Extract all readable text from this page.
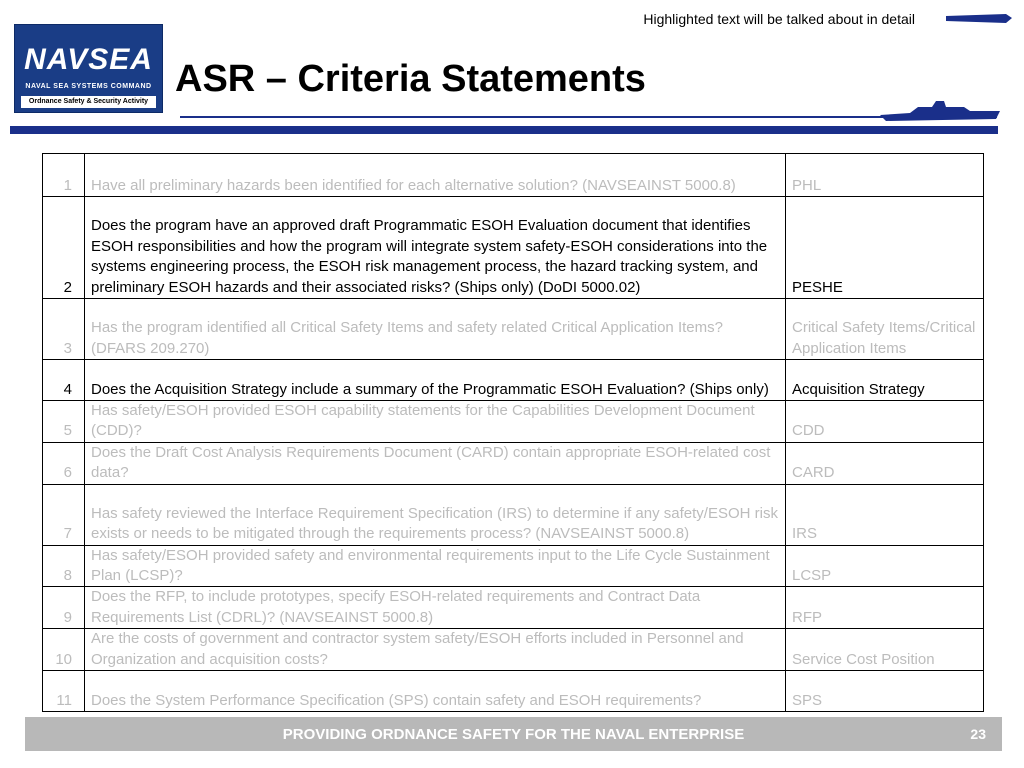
Highlighted text will be talked about in detail
NAVSEA
NAVAL SEA SYSTEMS COMMAND
Ordnance Safety & Security Activity
ASR – Criteria Statements
1	Have all preliminary hazards been identified for each alternative solution? (NAVSEAINST 5000.8)	PHL
2	Does the program have an approved draft Programmatic ESOH Evaluation document that identifies ESOH responsibilities and how the program will integrate system safety-ESOH considerations into the systems engineering process, the ESOH risk management process, the hazard tracking system, and preliminary ESOH hazards and their associated risks? (Ships only) (DoDI 5000.02)	PESHE
3	Has the program identified all Critical Safety Items and safety related Critical Application Items? (DFARS 209.270)	Critical Safety Items/Critical Application Items
4	Does the Acquisition Strategy include a summary of the Programmatic ESOH Evaluation? (Ships only)	Acquisition Strategy
5	Has safety/ESOH provided ESOH capability statements for the Capabilities Development Document (CDD)?	CDD
6	Does the Draft Cost Analysis Requirements Document (CARD) contain appropriate ESOH-related cost data?	CARD
7	Has safety reviewed the Interface Requirement Specification (IRS) to determine if any safety/ESOH risk exists or needs to be mitigated through the requirements process? (NAVSEAINST 5000.8)	IRS
8	Has safety/ESOH provided safety and environmental requirements input to the Life Cycle Sustainment Plan (LCSP)?	LCSP
9	Does the RFP, to include prototypes, specify ESOH-related requirements and Contract Data Requirements List (CDRL)? (NAVSEAINST 5000.8)	RFP
10	Are the costs of government and contractor system safety/ESOH efforts included in Personnel and Organization and acquisition costs?	Service Cost Position
11	Does the System Performance Specification (SPS) contain safety and ESOH requirements?	SPS
PROVIDING ORDNANCE SAFETY FOR THE NAVAL ENTERPRISE	23
